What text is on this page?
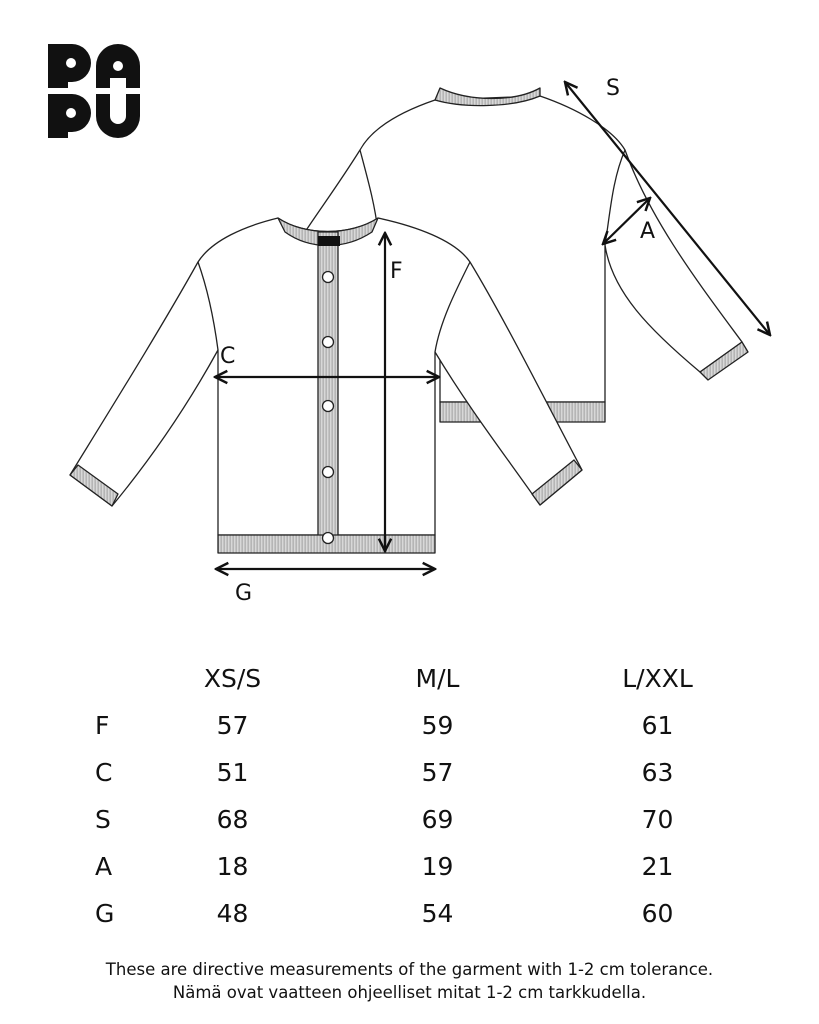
S
A
F
C
G
	XS/S	M/L	L/XXL
F	57	59	61
C	51	57	63
S	68	69	70
A	18	19	21
G	48	54	60
These are directive measurements of the garment with 1-2 cm tolerance.
Nämä ovat vaatteen ohjeelliset mitat 1-2 cm tarkkudella.
